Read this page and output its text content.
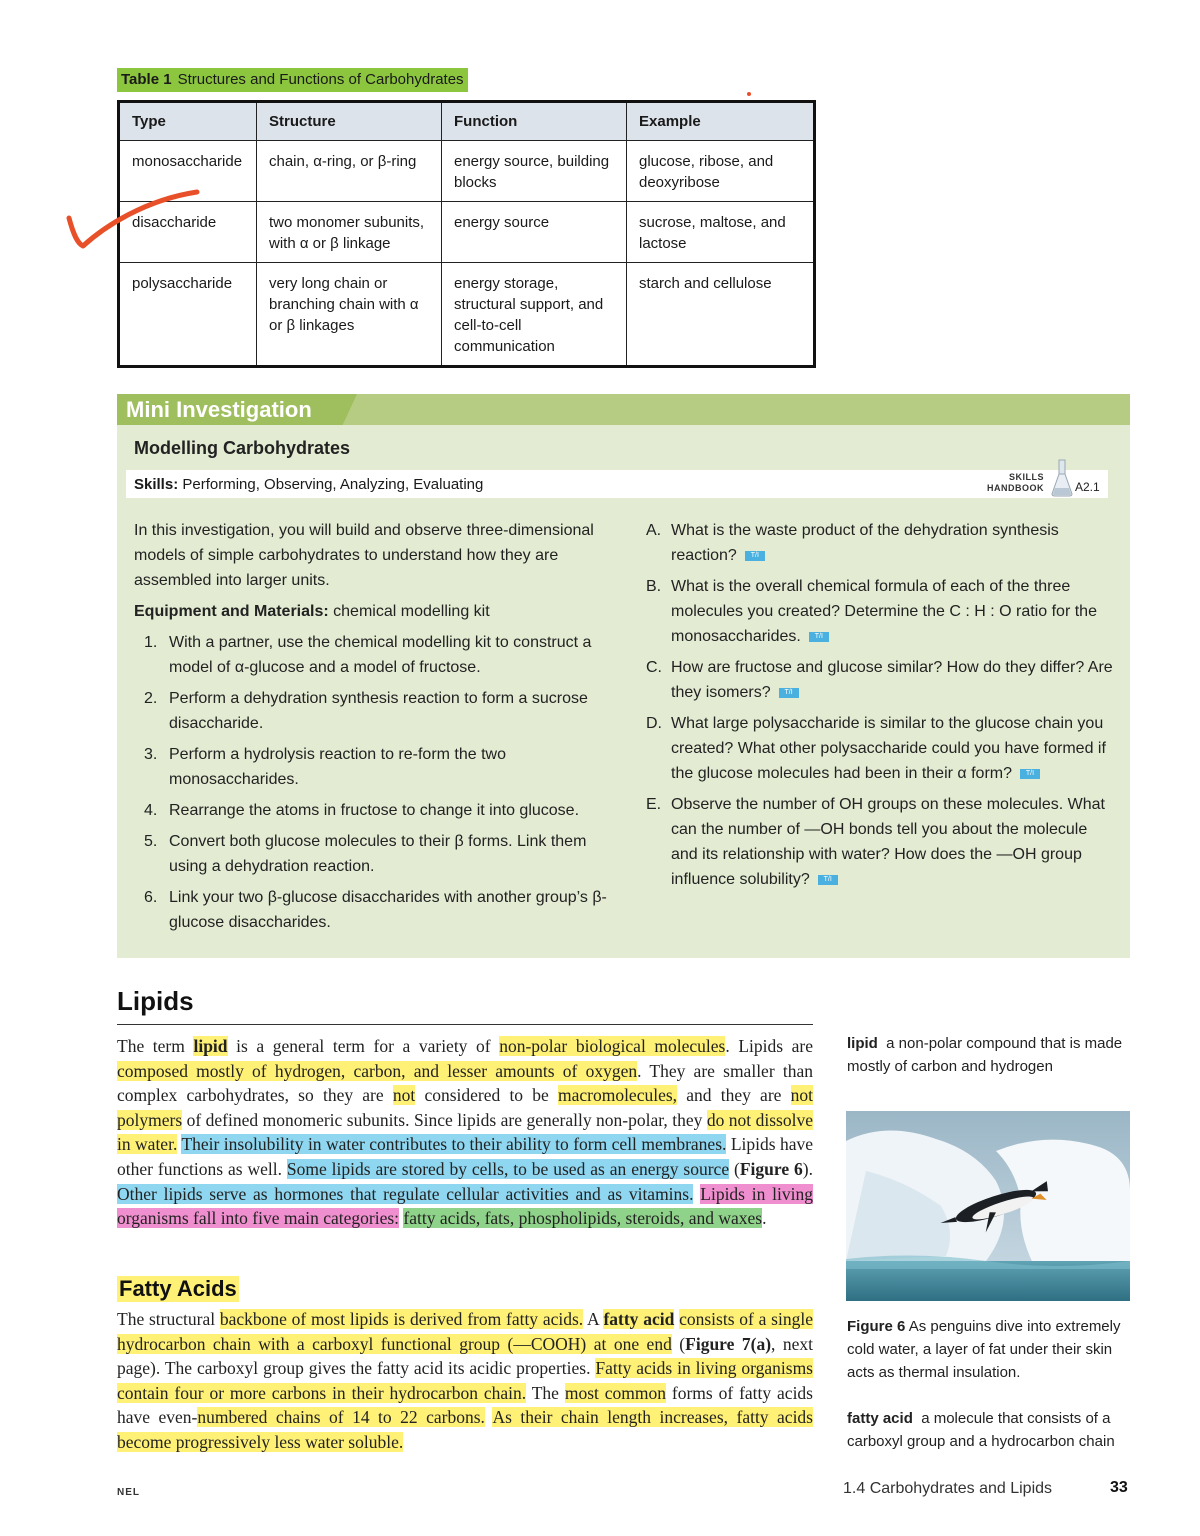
Table 1 Structures and Functions of Carbohydrates
Type	Structure	Function	Example
monosaccharide	chain, α-ring, or β-ring	energy source, building blocks	glucose, ribose, and deoxyribose
disaccharide	two monomer subunits, with α or β linkage	energy source	sucrose, maltose, and lactose
polysaccharide	very long chain or branching chain with α or β linkages	energy storage, structural support, and cell-to-cell communication	starch and cellulose
Mini Investigation
Modelling Carbohydrates
Skills: Performing, Observing, Analyzing, Evaluating	SKILLS
HANDBOOK	A2.1

In this investigation, you will build and observe three-dimensional models of simple carbohydrates to understand how they are assembled into larger units.

Equipment and Materials: chemical modelling kit

1. With a partner, use the chemical modelling kit to construct a model of α-glucose and a model of fructose.
2. Perform a dehydration synthesis reaction to form a sucrose disaccharide.
3. Perform a hydrolysis reaction to re-form the two monosaccharides.
4. Rearrange the atoms in fructose to change it into glucose.
5. Convert both glucose molecules to their β forms. Link them using a dehydration reaction.
6. Link your two β-glucose disaccharides with another group’s β-glucose disaccharides.
A. What is the waste product of the dehydration synthesis reaction? T/I
B. What is the overall chemical formula of each of the three molecules you created? Determine the C : H : O ratio for the monosaccharides. T/I
C. How are fructose and glucose similar? How do they differ? Are they isomers? T/I
D. What large polysaccharide is similar to the glucose chain you created? What other polysaccharide could you have formed if the glucose molecules had been in their α form? T/I
E. Observe the number of OH groups on these molecules. What can the number of —OH bonds tell you about the molecule and its relationship with water? How does the —OH group influence solubility? T/I
Lipids
The term lipid is a general term for a variety of non-polar biological molecules. Lipids are composed mostly of hydrogen, carbon, and lesser amounts of oxygen. They are smaller than complex carbohydrates, so they are not considered to be macromolecules, and they are not polymers of defined monomeric subunits. Since lipids are generally non-polar, they do not dissolve in water. Their insolubility in water contributes to their ability to form cell membranes. Lipids have other functions as well. Some lipids are stored by cells, to be used as an energy source (Figure 6). Other lipids serve as hormones that regulate cellular activities and as vitamins. Lipids in living organisms fall into five main categories: fatty acids, fats, phospholipids, steroids, and waxes.
Fatty Acids
The structural backbone of most lipids is derived from fatty acids. A fatty acid consists of a single hydrocarbon chain with a carboxyl functional group (—COOH) at one end (Figure 7(a), next page). The carboxyl group gives the fatty acid its acidic properties. Fatty acids in living organisms contain four or more carbons in their hydrocarbon chain. The most common forms of fatty acids have even-numbered chains of 14 to 22 carbons. As their chain length increases, fatty acids become progressively less water soluble.
lipid a non-polar compound that is made mostly of carbon and hydrogen
Figure 6 As penguins dive into extremely cold water, a layer of fat under their skin acts as thermal insulation.
fatty acid a molecule that consists of a carboxyl group and a hydrocarbon chain
NEL	1.4 Carbohydrates and Lipids	33
